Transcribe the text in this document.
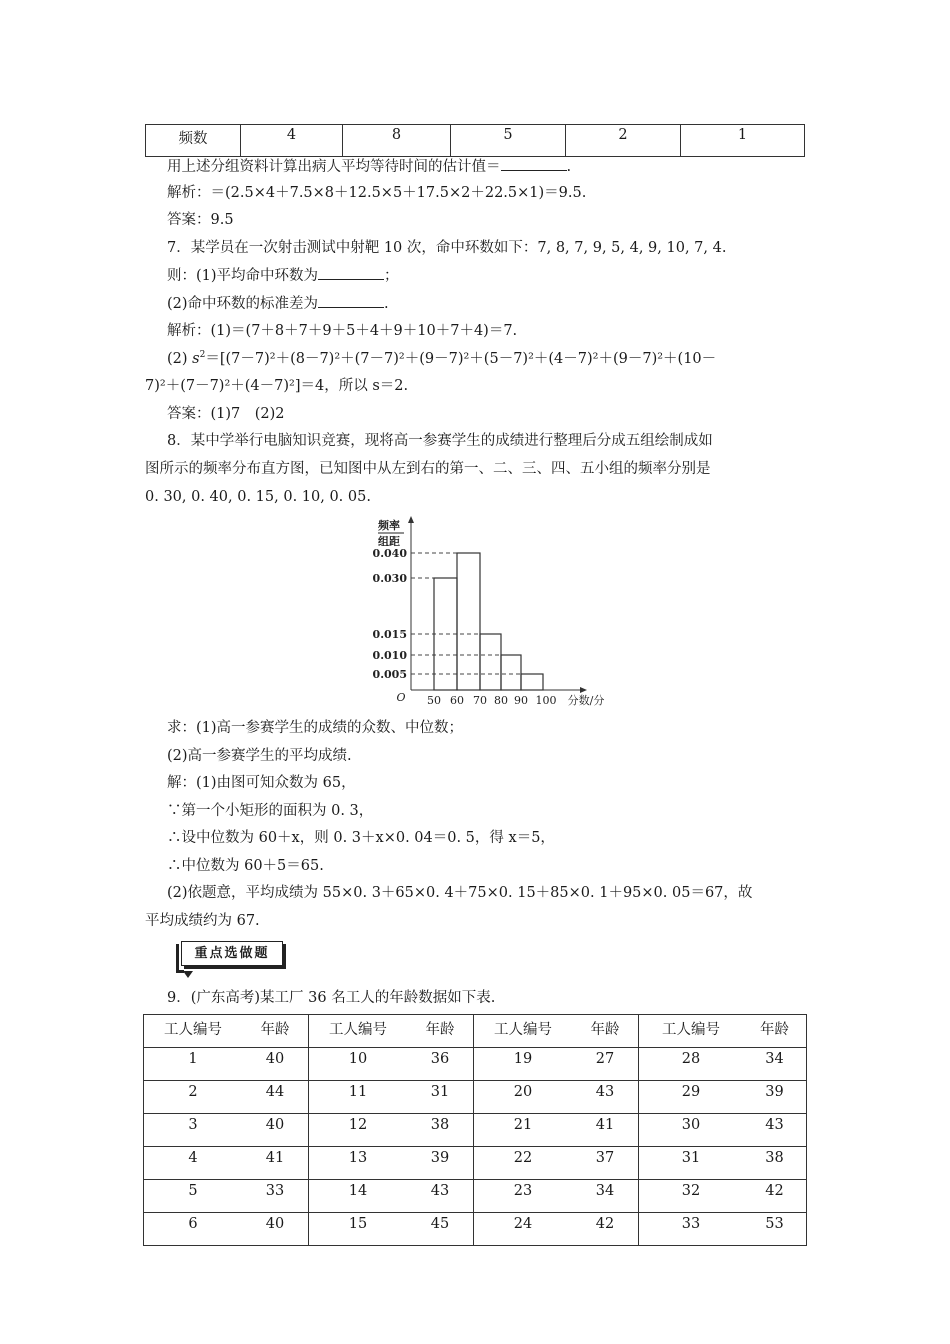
频数	4	8	5	2	1
用上述分组资料计算出病人平均等待时间的估计值＝	.
解析：＝(2.5×4＋7.5×8＋12.5×5＋17.5×2＋22.5×1)＝9.5.
答案：9.5
7．某学员在一次射击测试中射靶 10 次，命中环数如下：7, 8, 7, 9, 5, 4, 9, 10, 7, 4.
则：(1)平均命中环数为	；
(2)命中环数的标准差为	.
解析：(1)＝(7＋8＋7＋9＋5＋4＋9＋10＋7＋4)＝7.
(2) $s^2=[(7-7)^2+(8-7)^2+(7-7)^2+(9-7)^2+(5-7)^2+(4-7)^2+(9-7)^2+(10-$
7)²＋(7－7)²＋(4－7)²]＝4，所以 s＝2.
答案：(1)7　(2)2
8．某中学举行电脑知识竞赛，现将高一参赛学生的成绩进行整理后分成五组绘制成如
图所示的频率分布直方图，已知图中从左到右的第一、二、三、四、五小组的频率分别是
0. 30, 0. 40, 0. 15, 0. 10, 0. 05.
频率
组距
0.040
0.030
0.015
0.010
0.005
O 50 60 70 80 90 100 分数/分
求：(1)高一参赛学生的成绩的众数、中位数；
(2)高一参赛学生的平均成绩.
解：(1)由图可知众数为 65，
∵第一个小矩形的面积为 0. 3，
∴设中位数为 60＋x，则 0. 3＋x×0. 04＝0. 5，得 x＝5，
∴中位数为 60＋5＝65.
(2)依题意，平均成绩为 55×0. 3＋65×0. 4＋75×0. 15＋85×0. 1＋95×0. 05＝67，故
平均成绩约为 67.
重点选做题
9．(广东高考)某工厂 36 名工人的年龄数据如下表.
工人编号	年龄	工人编号	年龄	工人编号	年龄	工人编号	年龄
1	40	10	36	19	27	28	34
2	44	11	31	20	43	29	39
3	40	12	38	21	41	30	43
4	41	13	39	22	37	31	38
5	33	14	43	23	34	32	42
6	40	15	45	24	42	33	53
